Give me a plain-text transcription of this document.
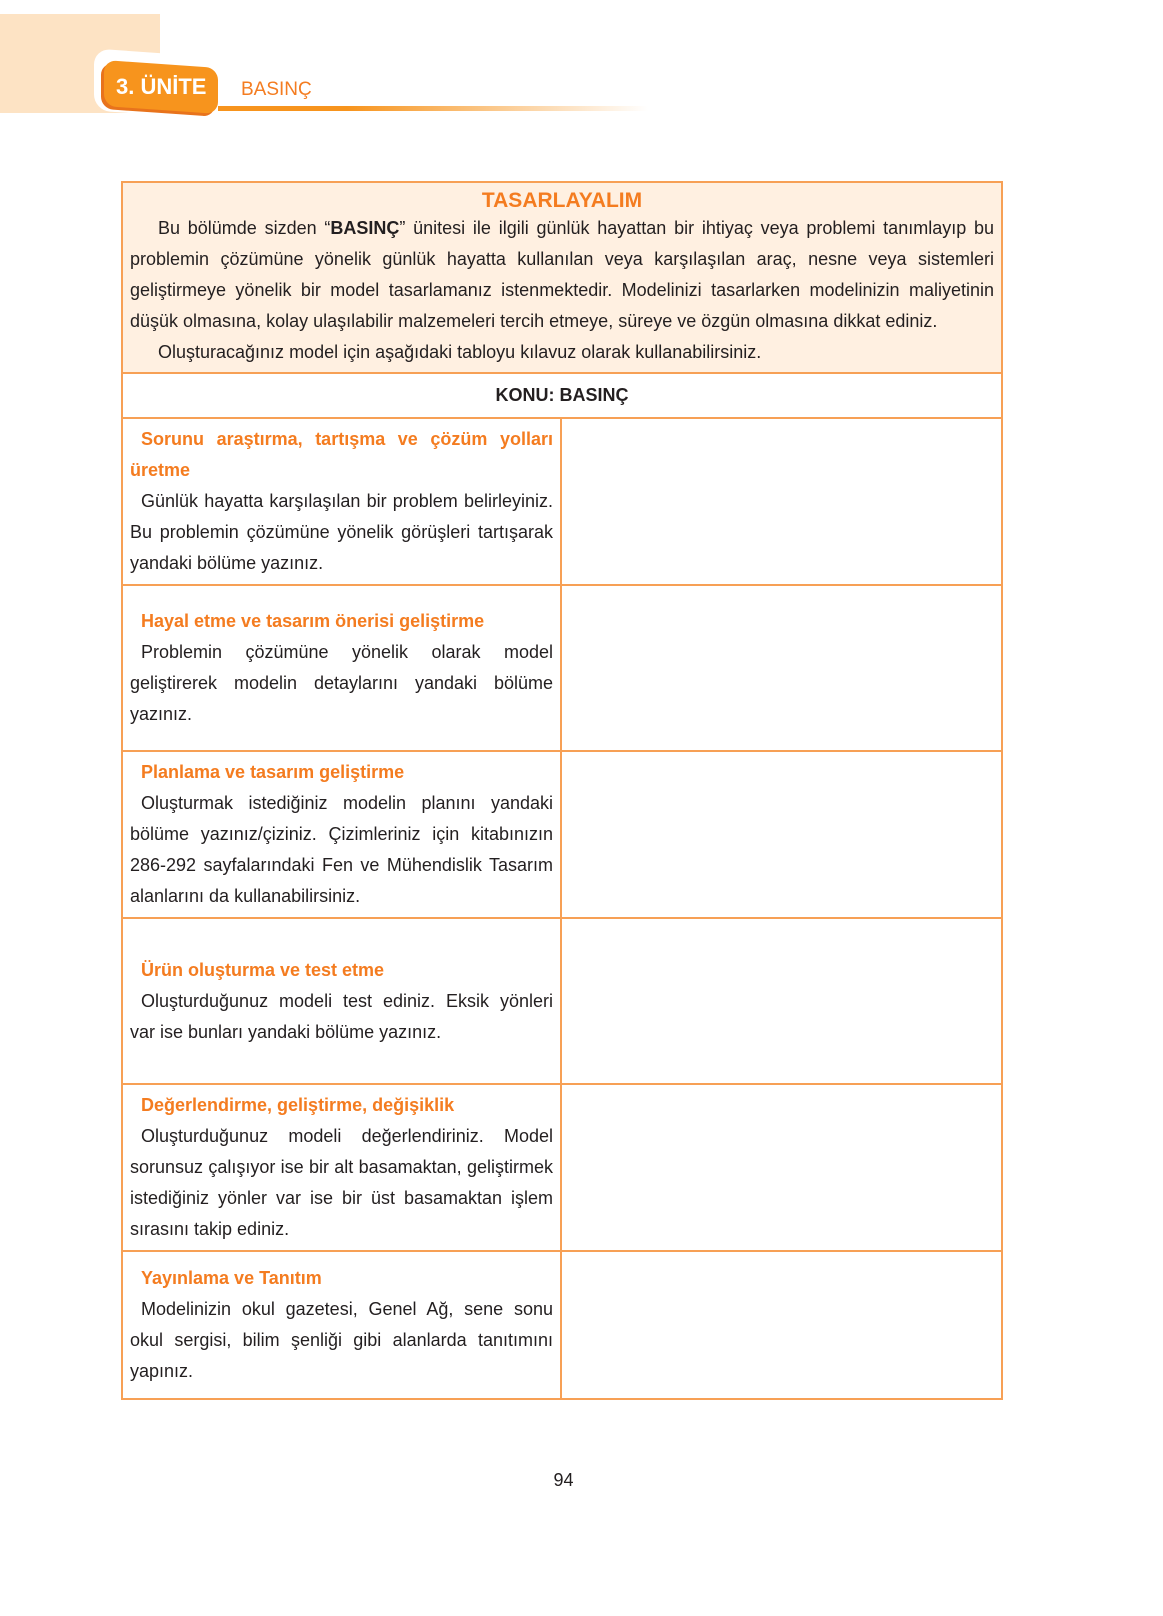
3. ÜNİTE BASINÇ
TASARLAYALIM

Bu bölümde sizden “BASINÇ” ünitesi ile ilgili günlük hayattan bir ihtiyaç veya problemi tanımlayıp bu problemin çözümüne yönelik günlük hayatta kullanılan veya karşılaşılan araç, nesne veya sistemleri geliştirmeye yönelik bir model tasarlamanız istenmektedir. Modelinizi tasarlarken modelinizin maliyetinin düşük olmasına, kolay ulaşılabilir malzemeleri tercih etmeye, süreye ve özgün olmasına dikkat ediniz.

Oluşturacağınız model için aşağıdaki tabloyu kılavuz olarak kullanabilirsiniz.

KONU: BASINÇ
Sorunu araştırma, tartışma ve çözüm yolları üretme
Günlük hayatta karşılaşılan bir problem belirleyiniz. Bu problemin çözümüne yönelik görüşleri tartışarak yandaki bölüme yazınız.
Hayal etme ve tasarım önerisi geliştirme
Problemin çözümüne yönelik olarak model geliştirerek modelin detaylarını yandaki bölüme yazınız.
Planlama ve tasarım geliştirme
Oluşturmak istediğiniz modelin planını yandaki bölüme yazınız/çiziniz. Çizimleriniz için kitabınızın 286-292 sayfalarındaki Fen ve Mühendislik Tasarım alanlarını da kullanabilirsiniz.
Ürün oluşturma ve test etme
Oluşturduğunuz modeli test ediniz. Eksik yönleri var ise bunları yandaki bölüme yazınız.
Değerlendirme, geliştirme, değişiklik
Oluşturduğunuz modeli değerlendiriniz. Model sorunsuz çalışıyor ise bir alt basamaktan, geliştirmek istediğiniz yönler var ise bir üst basamaktan işlem sırasını takip ediniz.
Yayınlama ve Tanıtım
Modelinizin okul gazetesi, Genel Ağ, sene sonu okul sergisi, bilim şenliği gibi alanlarda tanıtımını yapınız.
94
